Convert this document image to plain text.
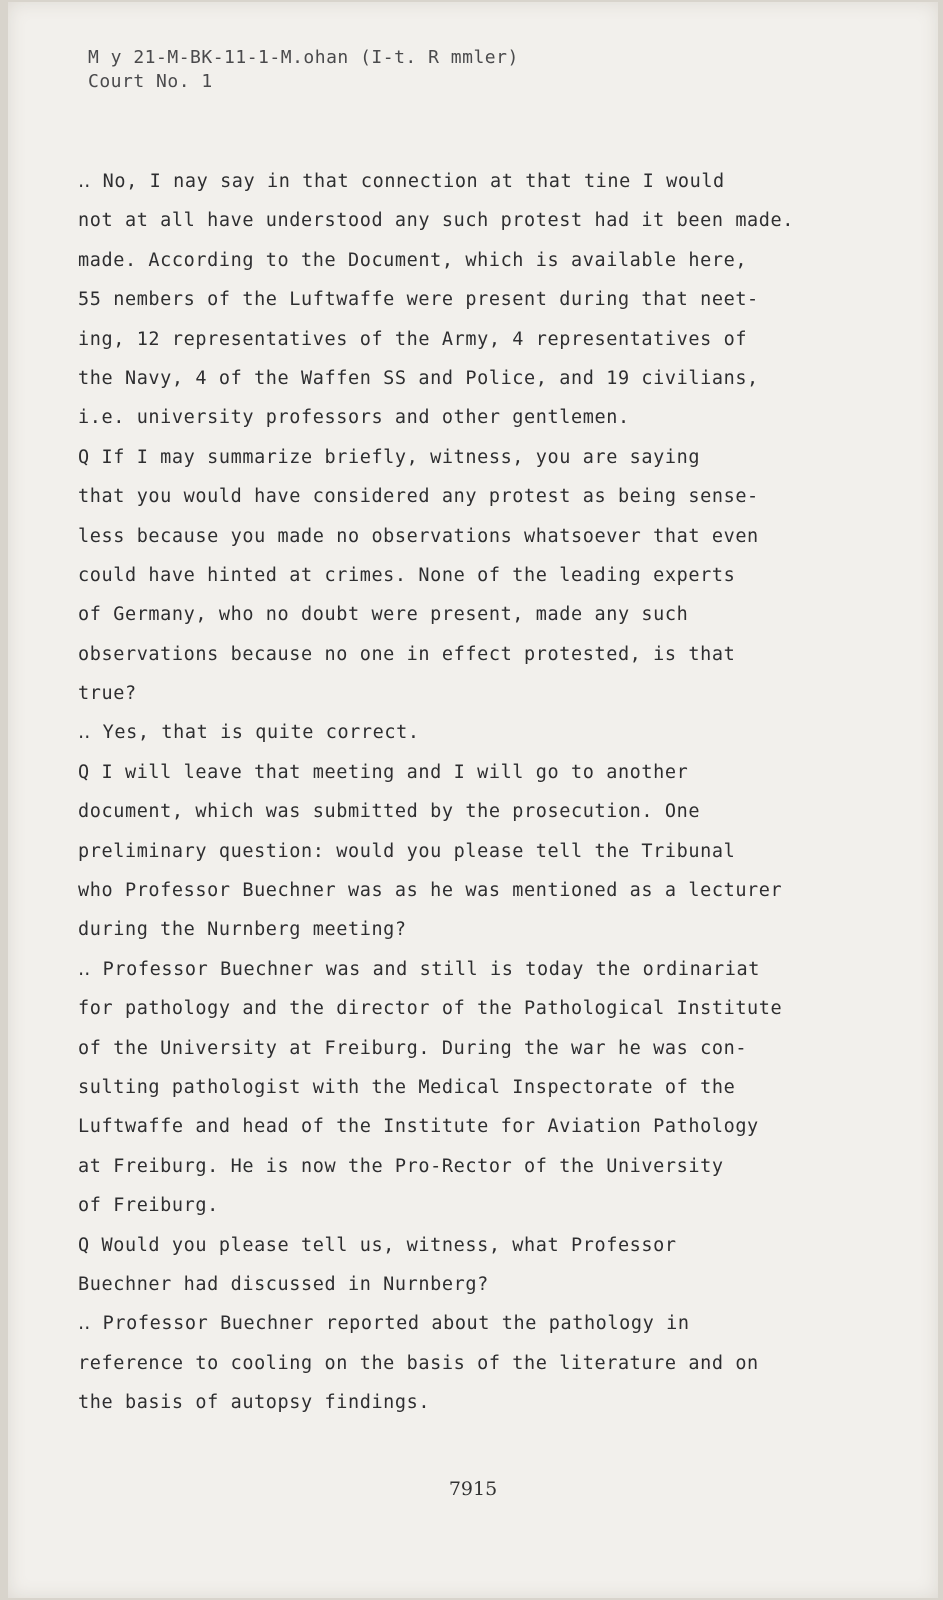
M y 21-M-BK-11-1-M.ohan (I-t. R mmler)
Court No. 1
‥ No, I nay say in that connection at that tine I would
not at all have understood any such protest had it been made.
made. According to the Document, which is available here,
55 nembers of the Luftwaffe were present during that neet-
ing, 12 representatives of the Army, 4 representatives of
the Navy, 4 of the Waffen SS and Police, and 19 civilians,
i.e. university professors and other gentlemen.
Q If I may summarize briefly, witness, you are saying
that you would have considered any protest as being sense-
less because you made no observations whatsoever that even
could have hinted at crimes. None of the leading experts
of Germany, who no doubt were present, made any such
observations because no one in effect protested, is that
true?
‥ Yes, that is quite correct.
Q I will leave that meeting and I will go to another
document, which was submitted by the prosecution. One
preliminary question: would you please tell the Tribunal
who Professor Buechner was as he was mentioned as a lecturer
during the Nurnberg meeting?
‥ Professor Buechner was and still is today the ordinariat
for pathology and the director of the Pathological Institute
of the University at Freiburg. During the war he was con-
sulting pathologist with the Medical Inspectorate of the
Luftwaffe and head of the Institute for Aviation Pathology
at Freiburg. He is now the Pro-Rector of the University
of Freiburg.
Q Would you please tell us, witness, what Professor
Buechner had discussed in Nurnberg?
‥ Professor Buechner reported about the pathology in
reference to cooling on the basis of the literature and on
the basis of autopsy findings.
7915
